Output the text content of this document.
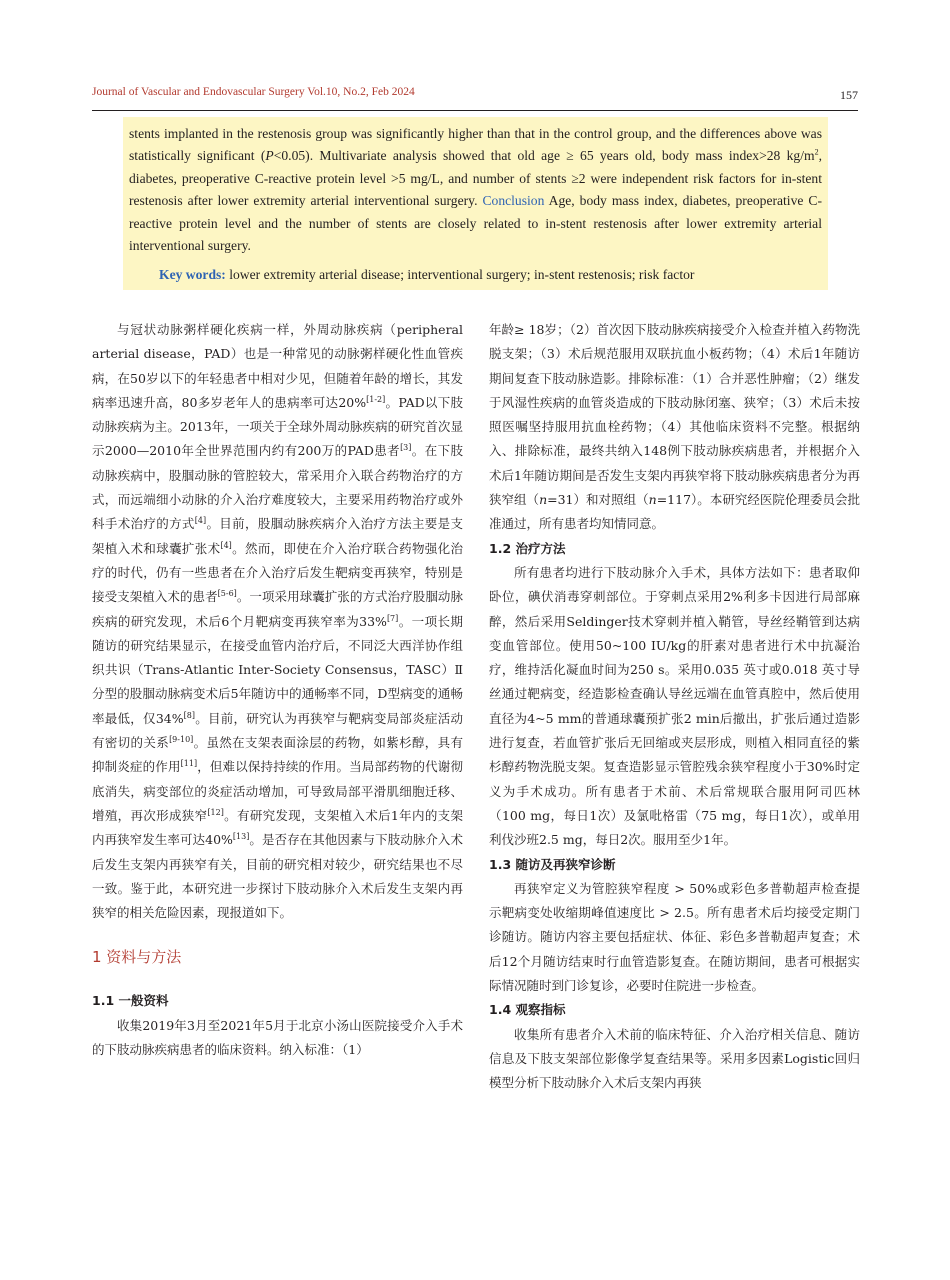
Journal of Vascular and Endovascular Surgery Vol.10, No.2, Feb 2024	157

stents implanted in the restenosis group was significantly higher than that in the control group, and the differences above was statistically significant (P<0.05). Multivariate analysis showed that old age ≥ 65 years old, body mass index>28 $kg/m^2$, diabetes, preoperative C-reactive protein level >5 mg/L, and number of stents ≥2 were independent risk factors for in-stent restenosis after lower extremity arterial interventional surgery. Conclusion Age, body mass index, diabetes, preoperative C-reactive protein level and the number of stents are closely related to in-stent restenosis after lower extremity arterial interventional surgery.

Key words: lower extremity arterial disease; interventional surgery; in-stent restenosis; risk factor

与冠状动脉粥样硬化疾病一样，外周动脉疾病（peripheral arterial disease，PAD）也是一种常见的动脉粥样硬化性血管疾病，在50岁以下的年轻患者中相对少见，但随着年龄的增长，其发病率迅速升高，80多岁老年人的患病率可达20%[1-2]。PAD以下肢动脉疾病为主。2013年，一项关于全球外周动脉疾病的研究首次显示2000—2010年全世界范围内约有200万的PAD患者[3]。在下肢动脉疾病中，股腘动脉的管腔较大，常采用介入联合药物治疗的方式，而远端细小动脉的介入治疗难度较大，主要采用药物治疗或外科手术治疗的方式[4]。目前，股腘动脉疾病介入治疗方法主要是支架植入术和球囊扩张术[4]。然而，即使在介入治疗联合药物强化治疗的时代，仍有一些患者在介入治疗后发生靶病变再狭窄，特别是接受支架植入术的患者[5-6]。一项采用球囊扩张的方式治疗股腘动脉疾病的研究发现，术后6个月靶病变再狭窄率为33%[7]。一项长期随访的研究结果显示，在接受血管内治疗后，不同泛大西洋协作组织共识（Trans-Atlantic Inter-Society Consensus，TASC）Ⅱ分型的股腘动脉病变术后5年随访中的通畅率不同，D型病变的通畅率最低，仅34%[8]。目前，研究认为再狭窄与靶病变局部炎症活动有密切的关系[9-10]。虽然在支架表面涂层的药物，如紫杉醇，具有抑制炎症的作用[11]，但难以保持持续的作用。当局部药物的代谢彻底消失，病变部位的炎症活动增加，可导致局部平滑肌细胞迁移、增殖，再次形成狭窄[12]。有研究发现，支架植入术后1年内的支架内再狭窄发生率可达40%[13]。是否存在其他因素与下肢动脉介入术后发生支架内再狭窄有关，目前的研究相对较少，研究结果也不尽一致。鉴于此，本研究进一步探讨下肢动脉介入术后发生支架内再狭窄的相关危险因素，现报道如下。

1 资料与方法
1.1 一般资料

收集2019年3月至2021年5月于北京小汤山医院接受介入手术的下肢动脉疾病患者的临床资料。纳入标准：（1）

年龄≥ 18岁；（2）首次因下肢动脉疾病接受介入检查并植入药物洗脱支架；（3）术后规范服用双联抗血小板药物；（4）术后1年随访期间复查下肢动脉造影。排除标准：（1）合并恶性肿瘤；（2）继发于风湿性疾病的血管炎造成的下肢动脉闭塞、狭窄；（3）术后未按照医嘱坚持服用抗血栓药物；（4）其他临床资料不完整。根据纳入、排除标准，最终共纳入148例下肢动脉疾病患者，并根据介入术后1年随访期间是否发生支架内再狭窄将下肢动脉疾病患者分为再狭窄组（n=31）和对照组（n=117）。本研究经医院伦理委员会批准通过，所有患者均知情同意。

1.2 治疗方法

所有患者均进行下肢动脉介入手术，具体方法如下：患者取仰卧位，碘伏消毒穿刺部位。于穿刺点采用2%利多卡因进行局部麻醉，然后采用Seldinger技术穿刺并植入鞘管，导丝经鞘管到达病变血管部位。使用50~100 IU/kg的肝素对患者进行术中抗凝治疗，维持活化凝血时间为250 s。采用0.035 英寸或0.018 英寸导丝通过靶病变，经造影检查确认导丝远端在血管真腔中，然后使用直径为4~5 mm的普通球囊预扩张2 min后撤出，扩张后通过造影进行复查，若血管扩张后无回缩或夹层形成，则植入相同直径的紫杉醇药物洗脱支架。复查造影显示管腔残余狭窄程度小于30%时定义为手术成功。所有患者于术前、术后常规联合服用阿司匹林（100 mg，每日1次）及氯吡格雷（75 mg，每日1次），或单用利伐沙班2.5 mg，每日2次。服用至少1年。

1.3 随访及再狭窄诊断

再狭窄定义为管腔狭窄程度 > 50%或彩色多普勒超声检查提示靶病变处收缩期峰值速度比 > 2.5。所有患者术后均接受定期门诊随访。随访内容主要包括症状、体征、彩色多普勒超声复查；术后12个月随访结束时行血管造影复查。在随访期间，患者可根据实际情况随时到门诊复诊，必要时住院进一步检查。

1.4 观察指标

收集所有患者介入术前的临床特征、介入治疗相关信息、随访信息及下肢支架部位影像学复查结果等。采用多因素Logistic回归模型分析下肢动脉介入术后支架内再狭
